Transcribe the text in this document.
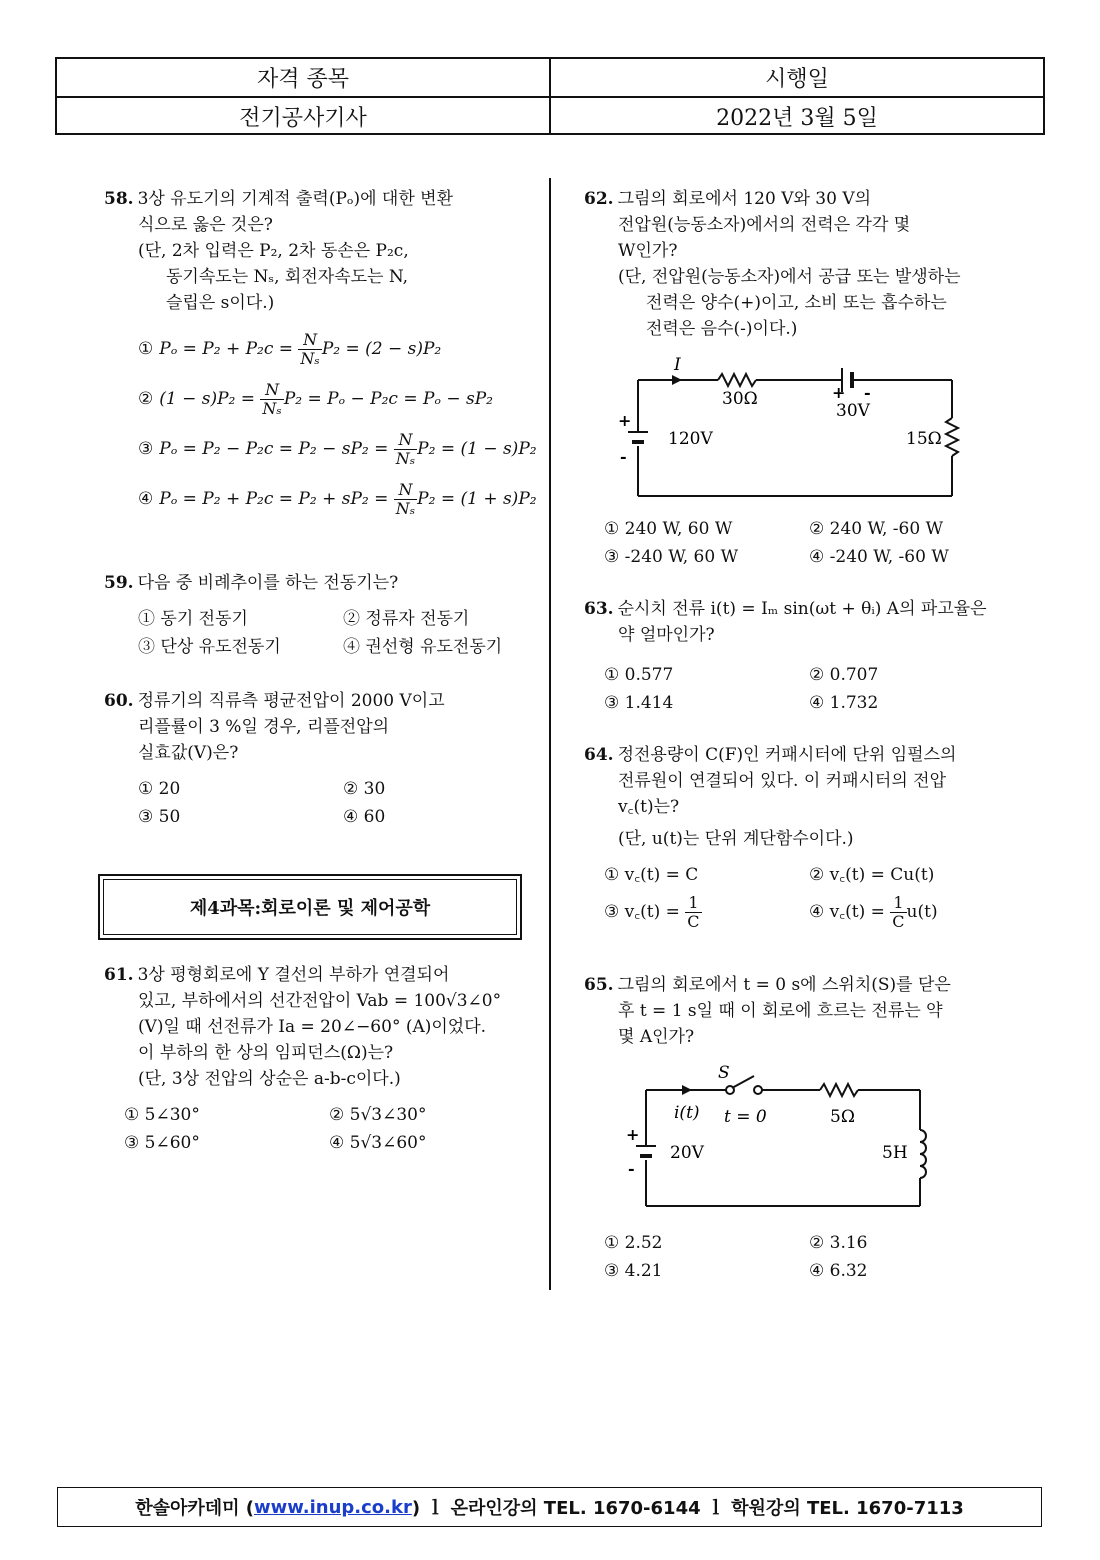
자격 종목	시행일
전기공사기사	2022년 3월 5일
58. 3상 유도기의 기계적 출력(Pₒ)에 대한 변환
식으로 옳은 것은?
(단, 2차 입력은 P₂, 2차 동손은 P₂c,
동기속도는 Nₛ, 회전자속도는 N,
슬립은 s이다.)
① $P_o = P_2 + P_2c = \frac{N}{\text{Nₛ}} P_2 = (2 - s)P_2$
② $(1 - s)P_2 = \frac{N}{\text{Nₛ}} P_2 = P_o - P_2c = P_o - sP_2$
③ $P_o = P_2 - P_2c = P_2 - sP_2 = \frac{N}{\text{Nₛ}} P_2 = (1 - s)P_2$
④ $P_o = P_2 + P_2c = P_2 + sP_2 = \frac{N}{\text{Nₛ}} P_2 = (1 + s)P_2$
59. 다음 중 비례추이를 하는 전동기는?
① 동기 전동기	② 정류자 전동기
③ 단상 유도전동기	④ 권선형 유도전동기
60. 정류기의 직류측 평균전압이 2000 V이고
리플률이 3 %일 경우, 리플전압의
실효값(V)은?
① 20	② 30
③ 50	④ 60
제4과목:회로이론 및 제어공학
61. 3상 평형회로에 Y 결선의 부하가 연결되어
있고, 부하에서의 선간전압이 Vab = 100√3∠0°
(V)일 때 선전류가 Ia = 20∠−60° (A)이었다.
이 부하의 한 상의 임피던스(Ω)는?
(단, 3상 전압의 상순은 a-b-c이다.)
① 5∠30°	② 5√3∠30°
③ 5∠60°	④ 5√3∠60°
62. 그림의 회로에서 120 V와 30 V의
전압원(능동소자)에서의 전력은 각각 몇
W인가?
(단, 전압원(능동소자)에서 공급 또는 발생하는
전력은 양수(+)이고, 소비 또는 흡수하는
전력은 음수(-)이다.)
I
30Ω	+ -
30V
+
-
120V	15Ω
① 240 W, 60 W	② 240 W, -60 W
③ -240 W, 60 W	④ -240 W, -60 W
63. 순시치 전류 i(t) = Iₘ sin(ωt + θᵢ) A의 파고율은
약 얼마인가?
① 0.577	② 0.707
③ 1.414	④ 1.732
64. 정전용량이 C(F)인 커패시터에 단위 임펄스의
전류원이 연결되어 있다. 이 커패시터의 전압
v꜀(t)는?
(단, u(t)는 단위 계단함수이다.)
① v꜀(t) = C	② v꜀(t) = Cu(t)
③ v꜀(t) = $\frac{1}{C}$	④ v꜀(t) = $\frac{1}{C} u(t)$
65. 그림의 회로에서 t = 0 s에 스위치(S)를 닫은
후 t = 1 s일 때 이 회로에 흐르는 전류는 약
몇 A인가?
S
i(t) t = 0	5Ω
+
-
20V	5H
① 2.52	② 3.16
③ 4.21	④ 6.32
한솔아카데미 ( www.inup.co.kr ) ｌ 온라인강의 TEL. 1670-6144 ｌ 학원강의 TEL. 1670-7113
